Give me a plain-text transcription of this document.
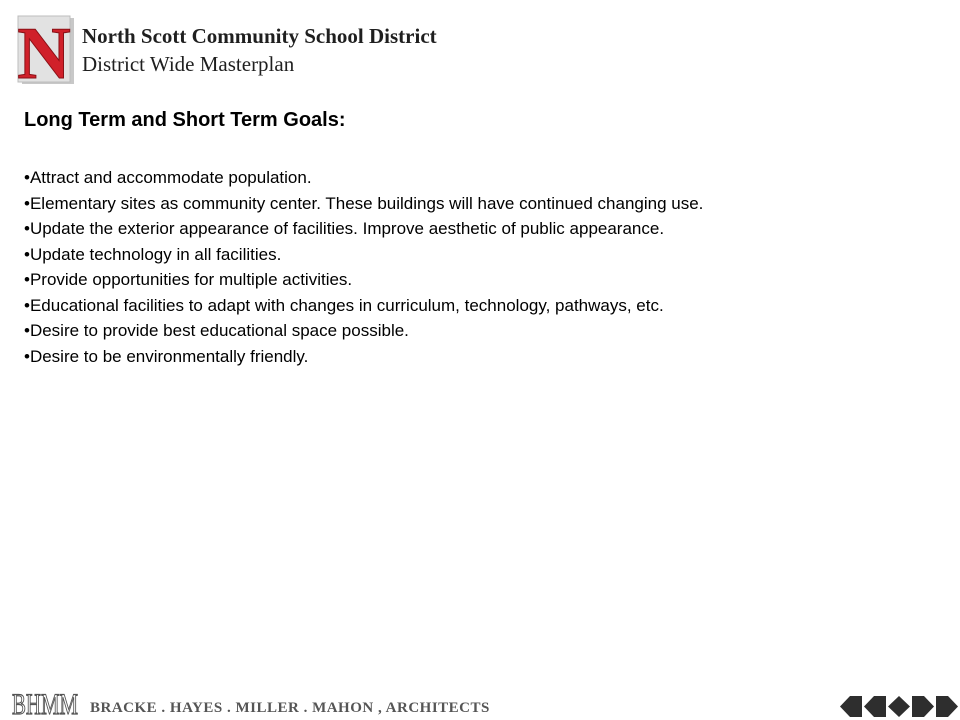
N North Scott Community School District
District Wide Masterplan
Long Term and Short Term Goals:
• Attract and accommodate population.
• Elementary sites as community center. These buildings will have continued changing use.
• Update the exterior appearance of facilities. Improve aesthetic of public appearance.
• Update technology in all facilities.
• Provide opportunities for multiple activities.
• Educational facilities to adapt with changes in curriculum, technology, pathways, etc.
• Desire to provide best educational space possible.
• Desire to be environmentally friendly.
BHMM BRACKE . HAYES . MILLER . MAHON , ARCHITECTS
